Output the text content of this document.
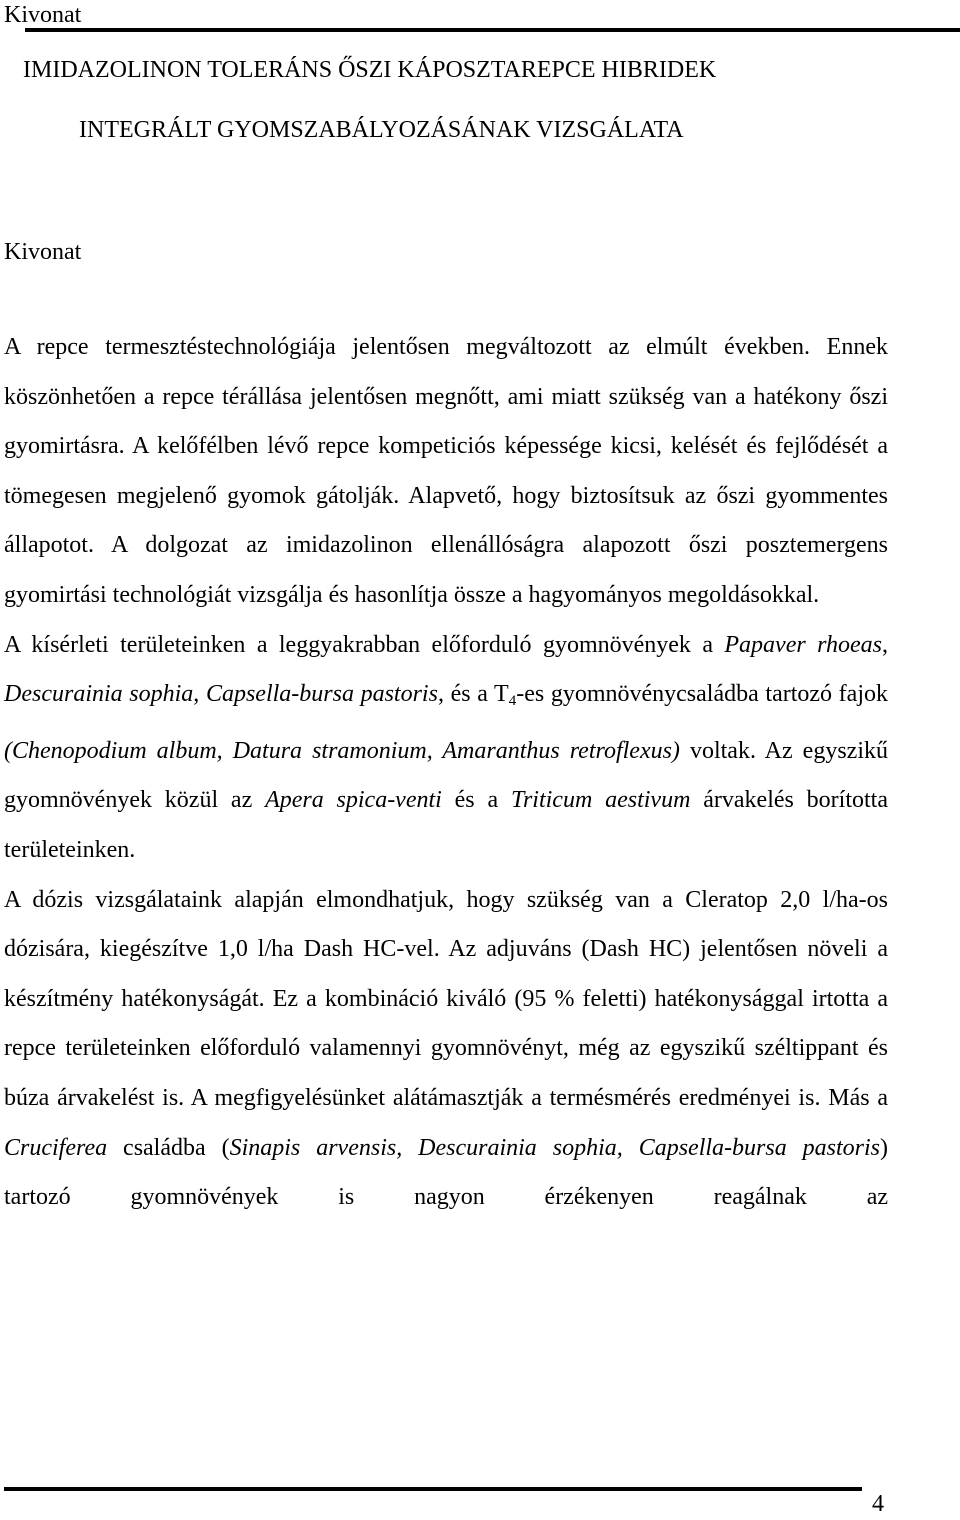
Kivonat
IMIDAZOLINON TOLERÁNS ŐSZI KÁPOSZTAREPCE HIBRIDEK
INTEGRÁLT GYOMSZABÁLYOZÁSÁNAK VIZSGÁLATA
Kivonat

A repce termesztéstechnológiája jelentősen megváltozott az elmúlt években. Ennek köszönhetően a repce térállása jelentősen megnőtt, ami miatt szükség van a hatékony őszi gyomirtásra. A kelőfélben lévő repce kompeticiós képessége kicsi, kelését és fejlődését a tömegesen megjelenő gyomok gátolják. Alapvető, hogy biztosítsuk az őszi gyommentes állapotot. A dolgozat az imidazolinon ellenállóságra alapozott őszi posztemergens gyomirtási technológiát vizsgálja és hasonlítja össze a hagyományos megoldásokkal.

A kísérleti területeinken a leggyakrabban előforduló gyomnövények a Papaver rhoeas, Descurainia sophia, Capsella-bursa pastoris, és a $T_4-es$ gyomnövénycsaládba tartozó fajok (Chenopodium album, Datura stramonium, Amaranthus retroflexus) voltak. Az egyszikű gyomnövények közül az Apera spica-venti és a Triticum aestivum árvakelés borította területeinken.

A dózis vizsgálataink alapján elmondhatjuk, hogy szükség van a Cleratop 2,0 l/ha-os dózisára, kiegészítve 1,0 l/ha Dash HC-vel. Az adjuváns (Dash HC) jelentősen növeli a készítmény hatékonyságát. Ez a kombináció kiváló (95 % feletti) hatékonysággal irtotta a repce területeinken előforduló valamennyi gyomnövényt, még az egyszikű széltippant és búza árvakelést is. A megfigyelésünket alátámasztják a termésmérés eredményei is. Más a Cruciferea családba (Sinapis arvensis, Descurainia sophia, Capsella-bursa pastoris) tartozó gyomnövények is nagyon érzékenyen reagálnak az

4
